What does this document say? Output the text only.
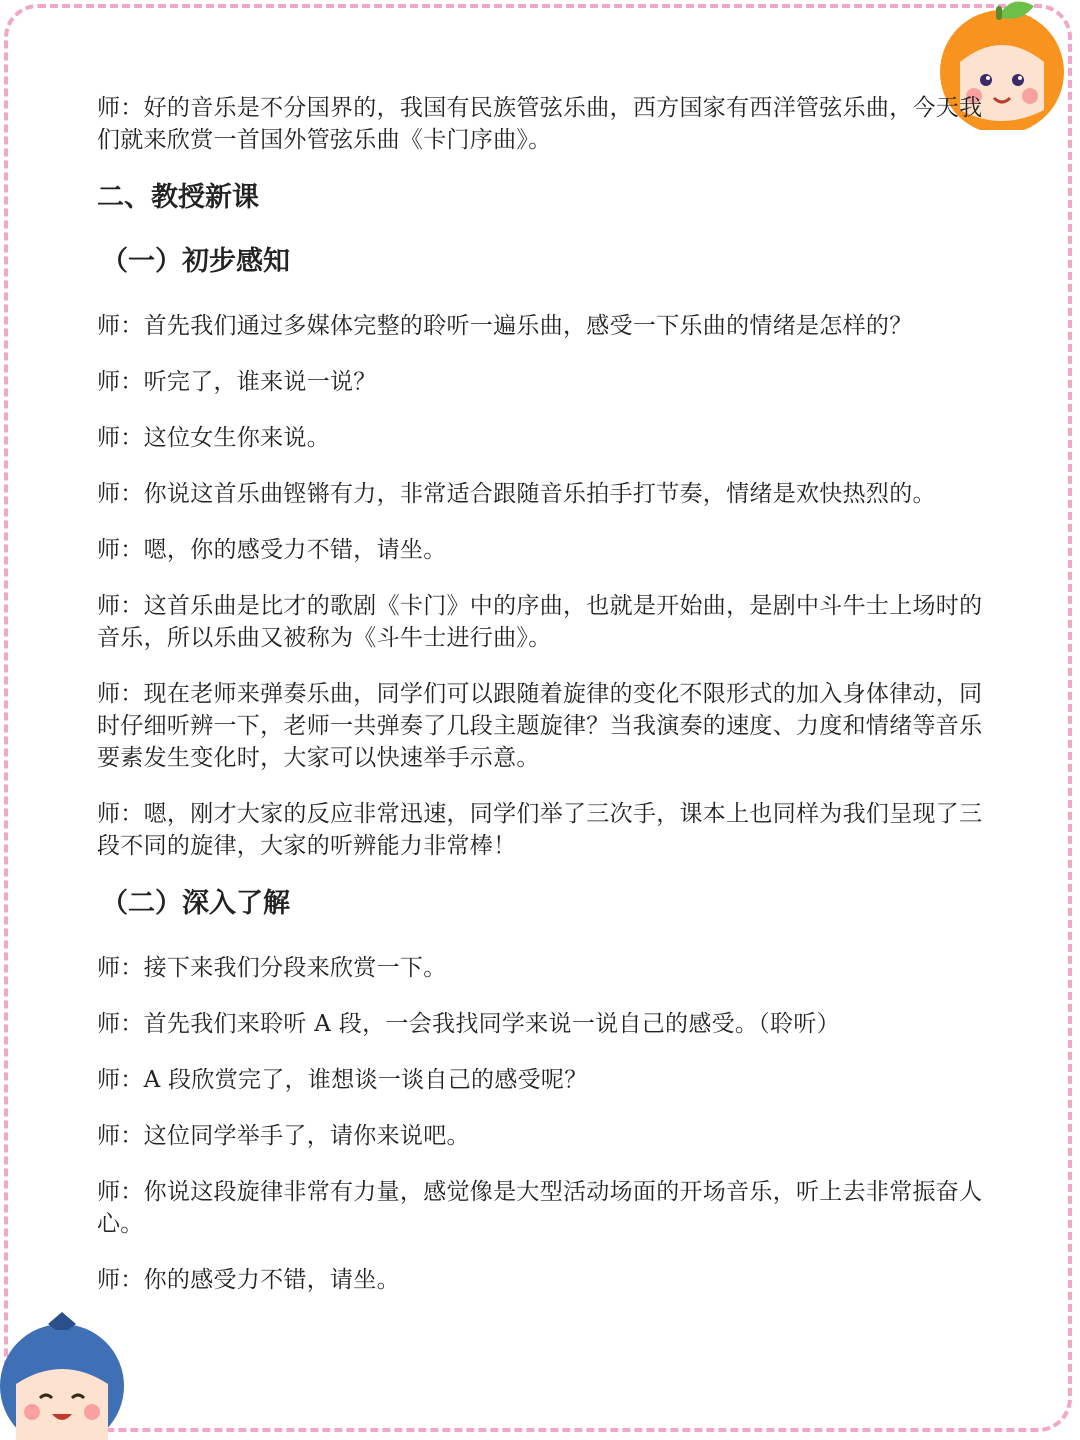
师：好的音乐是不分国界的，我国有民族管弦乐曲，西方国家有西洋管弦乐曲，今天我们就来欣赏一首国外管弦乐曲《卡门序曲》。
二、教授新课
（一）初步感知
师：首先我们通过多媒体完整的聆听一遍乐曲，感受一下乐曲的情绪是怎样的？
师：听完了，谁来说一说？
师：这位女生你来说。
师：你说这首乐曲铿锵有力，非常适合跟随音乐拍手打节奏，情绪是欢快热烈的。
师：嗯，你的感受力不错，请坐。
师：这首乐曲是比才的歌剧《卡门》中的序曲，也就是开始曲，是剧中斗牛士上场时的音乐，所以乐曲又被称为《斗牛士进行曲》。
师：现在老师来弹奏乐曲，同学们可以跟随着旋律的变化不限形式的加入身体律动，同时仔细听辨一下，老师一共弹奏了几段主题旋律？当我演奏的速度、力度和情绪等音乐要素发生变化时，大家可以快速举手示意。
师：嗯，刚才大家的反应非常迅速，同学们举了三次手，课本上也同样为我们呈现了三段不同的旋律，大家的听辨能力非常棒！
（二）深入了解
师：接下来我们分段来欣赏一下。
师：首先我们来聆听 A 段，一会我找同学来说一说自己的感受。（聆听）
师：A 段欣赏完了，谁想谈一谈自己的感受呢？
师：这位同学举手了，请你来说吧。
师：你说这段旋律非常有力量，感觉像是大型活动场面的开场音乐，听上去非常振奋人心。
师：你的感受力不错，请坐。
